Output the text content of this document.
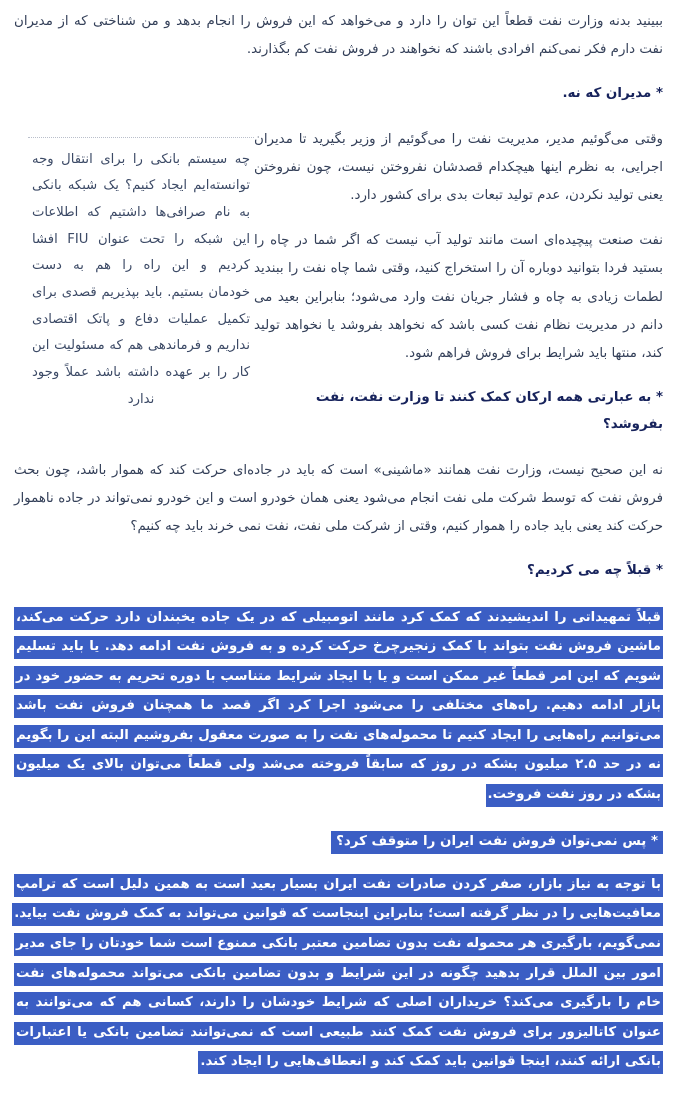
ببینید بدنه وزارت نفت قطعاً این توان را دارد و می‌خواهد که این فروش را انجام بدهد و من شناختی که از مدیران نفت دارم فکر نمی‌کنم افرادی باشند که نخواهند در فروش نفت کم بگذارند.

* مدیران که نه.

چه سیستم بانکی را برای انتقال وجه توانسته‌ایم ایجاد کنیم؟ یک شبکه بانکی به نام صرافی‌ها داشتیم که اطلاعات این شبکه را تحت عنوان FIU افشا کردیم و این راه را هم به دست خودمان بستیم. باید بپذیریم قصدی برای تکمیل عملیات دفاع و پاتک اقتصادی نداریم و فرماندهی هم که مسئولیت این کار را بر عهده داشته باشد عملاً وجود ندارد

وقتی می‌گوئیم مدیر، مدیریت نفت را می‌گوئیم از وزیر بگیرید تا مدیران اجرایی، به نظرم اینها هیچکدام قصدشان نفروختن نیست، چون نفروختن یعنی تولید نکردن، عدم تولید تبعات بدی برای کشور دارد.

نفت صنعت پیچیده‌ای است مانند تولید آب نیست که اگر شما در چاه را بستید فردا بتوانید دوباره آن را استخراج کنید، وقتی شما چاه نفت را ببندید لطمات زیادی به چاه و فشار جریان نفت وارد می‌شود؛ بنابراین بعید می دانم در مدیریت نظام نفت کسی باشد که نخواهد بفروشد یا نخواهد تولید کند، منتها باید شرایط برای فروش فراهم شود.

* به عبارتی همه ارکان کمک کنند تا وزارت نفت، نفت بفروشد؟

نه این صحیح نیست، وزارت نفت همانند «ماشینی» است که باید در جاده‌ای حرکت کند که هموار باشد، چون بحث فروش نفت که توسط شرکت ملی نفت انجام می‌شود یعنی همان خودرو است و این خودرو نمی‌تواند در جاده ناهموار حرکت کند یعنی باید جاده را هموار کنیم، وقتی از شرکت ملی نفت، نفت نمی خرند باید چه کنیم؟

* قبلاً چه می کردیم؟

قبلاً تمهیداتی را اندیشیدند که کمک کرد مانند اتومبیلی که در یک جاده یخبندان دارد حرکت می‌کند، ماشین فروش نفت بتواند با کمک زنجیرچرخ حرکت کرده و به فروش نفت ادامه دهد. یا باید تسلیم شویم که این امر قطعاً غیر ممکن است و یا با ایجاد شرایط متناسب با دوره تحریم به حضور خود در بازار ادامه دهیم. راه‌های مختلفی را می‌شود اجرا کرد اگر قصد ما همچنان فروش نفت باشد می‌توانیم راه‌هایی را ایجاد کنیم تا محموله‌های نفت را به صورت معقول بفروشیم البته این را بگویم نه در حد ۲.۵ میلیون بشکه در روز که سابقاً فروخته می‌شد ولی قطعاً می‌توان بالای یک میلیون بشکه در روز نفت فروخت.

* پس نمی‌توان فروش نفت ایران را متوقف کرد؟

با توجه به نیاز بازار، صفر کردن صادرات نفت ایران بسیار بعید است به همین دلیل است که ترامپ معافیت‌هایی را در نظر گرفته است؛ بنابراین اینجاست که قوانین می‌تواند به کمک فروش نفت بیاید. نمی‌گویم، بارگیری هر محموله نفت بدون تضامین معتبر بانکی ممنوع است شما خودتان را جای مدیر امور بین الملل قرار بدهید چگونه در این شرایط و بدون تضامین بانکی می‌تواند محموله‌های نفت خام را بارگیری می‌کند؟ خریداران اصلی که شرایط خودشان را دارند، کسانی هم که می‌توانند به عنوان کاتالیزور برای فروش نفت کمک کنند طبیعی است که نمی‌توانند تضامین بانکی یا اعتبارات بانکی ارائه کنند، اینجا قوانین باید کمک کند و انعطاف‌هایی را ایجاد کند.
